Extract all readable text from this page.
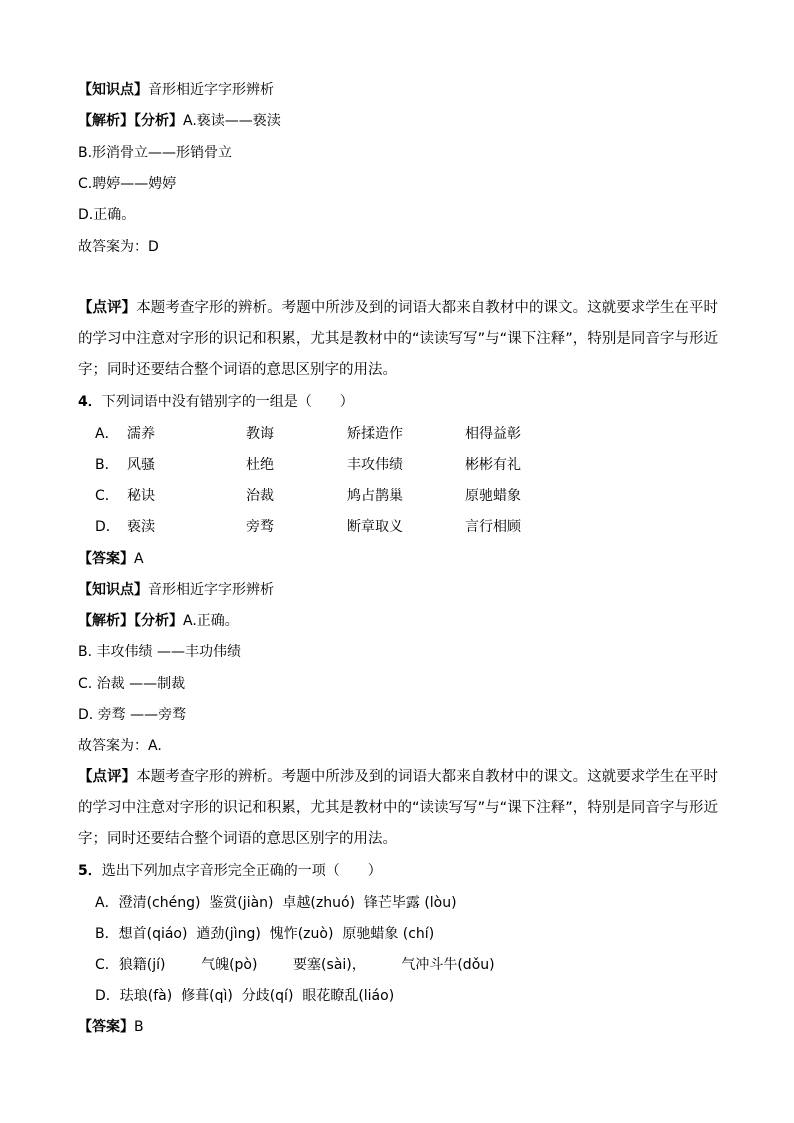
【知识点】音形相近字字形辨析
【解析】【分析】A.亵读——亵渎
B.形消骨立——形销骨立
C.聘婷——娉婷
D.正确。
故答案为：D
【点评】本题考查字形的辨析。考题中所涉及到的词语大都来自教材中的课文。这就要求学生在平时的学习中注意对字形的识记和积累，尤其是教材中的“读读写写”与“课下注释”，特别是同音字与形近字；同时还要结合整个词语的意思区别字的用法。
4．下列词语中没有错别字的一组是（　　）
A． 濡养	教诲	矫揉造作	相得益彰
B． 风骚	杜绝	丰攻伟绩	彬彬有礼
C． 秘诀	治裁	鸠占鹊巢	原驰蜡象
D． 亵渎	旁骛	断章取义	言行相顾
【答案】A
【知识点】音形相近字字形辨析
【解析】【分析】A.正确。
B. 丰攻伟绩 ——丰功伟绩
C. 治裁 ——制裁
D. 旁骛 ——旁骛
故答案为：A.
【点评】本题考查字形的辨析。考题中所涉及到的词语大都来自教材中的课文。这就要求学生在平时的学习中注意对字形的识记和积累，尤其是教材中的“读读写写”与“课下注释”，特别是同音字与形近字；同时还要结合整个词语的意思区别字的用法。
5．选出下列加点字音形完全正确的一项（　　）
A．澄清(chéng)  鉴赏(jiàn)  卓越(zhuó)  锋芒毕露 (lòu)
B．想首(qiáo)  遒劲(jìng)  愧怍(zuò)  原驰蜡象 (chí)
C．狼籍(jí)        气魄(pò)        要塞(sài)，        气冲斗牛(dǒu)
D．珐琅(fà)  修葺(qì)  分歧(qí)  眼花瞭乱(liáo)
【答案】B
